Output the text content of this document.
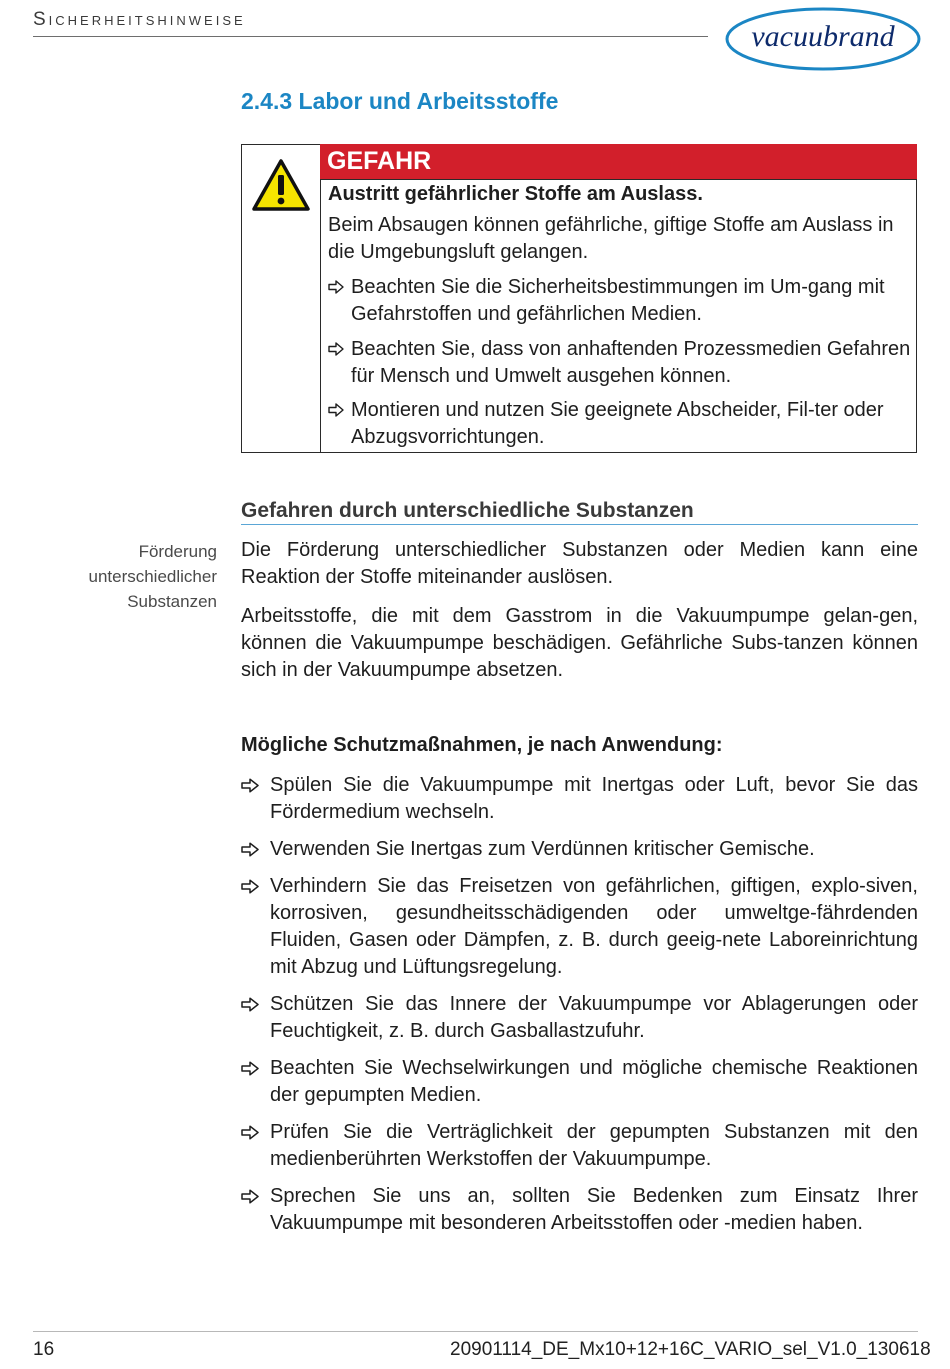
Sicherheitshinweise
vacuubrand
2.4.3 Labor und Arbeitsstoffe
GEFAHR
Austritt gefährlicher Stoffe am Auslass.
Beim Absaugen können gefährliche, giftige Stoffe am Auslass in die Umgebungsluft gelangen.
Beachten Sie die Sicherheitsbestimmungen im Um-gang mit Gefahrstoffen und gefährlichen Medien.
Beachten Sie, dass von anhaftenden Prozessmedien Gefahren für Mensch und Umwelt ausgehen können.
Montieren und nutzen Sie geeignete Abscheider, Fil-ter oder Abzugsvorrichtungen.
Förderung
unterschiedlicher
Substanzen
Gefahren durch unterschiedliche Substanzen
Die Förderung unterschiedlicher Substanzen oder Medien kann eine Reaktion der Stoffe miteinander auslösen.
Arbeitsstoffe, die mit dem Gasstrom in die Vakuumpumpe gelan-gen, können die Vakuumpumpe beschädigen. Gefährliche Subs-tanzen können sich in der Vakuumpumpe absetzen.
Mögliche Schutzmaßnahmen, je nach Anwendung:
Spülen Sie die Vakuumpumpe mit Inertgas oder Luft, bevor Sie das Fördermedium wechseln.
Verwenden Sie Inertgas zum Verdünnen kritischer Gemische.
Verhindern Sie das Freisetzen von gefährlichen, giftigen, explo-siven, korrosiven, gesundheitsschädigenden oder umweltge-fährdenden Fluiden, Gasen oder Dämpfen, z. B. durch geeig-nete Laboreinrichtung mit Abzug und Lüftungsregelung.
Schützen Sie das Innere der Vakuumpumpe vor Ablagerungen oder Feuchtigkeit, z. B. durch Gasballastzufuhr.
Beachten Sie Wechselwirkungen und mögliche chemische Reaktionen der gepumpten Medien.
Prüfen Sie die Verträglichkeit der gepumpten Substanzen mit den medienberührten Werkstoffen der Vakuumpumpe.
Sprechen Sie uns an, sollten Sie Bedenken zum Einsatz Ihrer Vakuumpumpe mit besonderen Arbeitsstoffen oder -medien haben.
16	20901114_DE_Mx10+12+16C_VARIO_sel_V1.0_130618
